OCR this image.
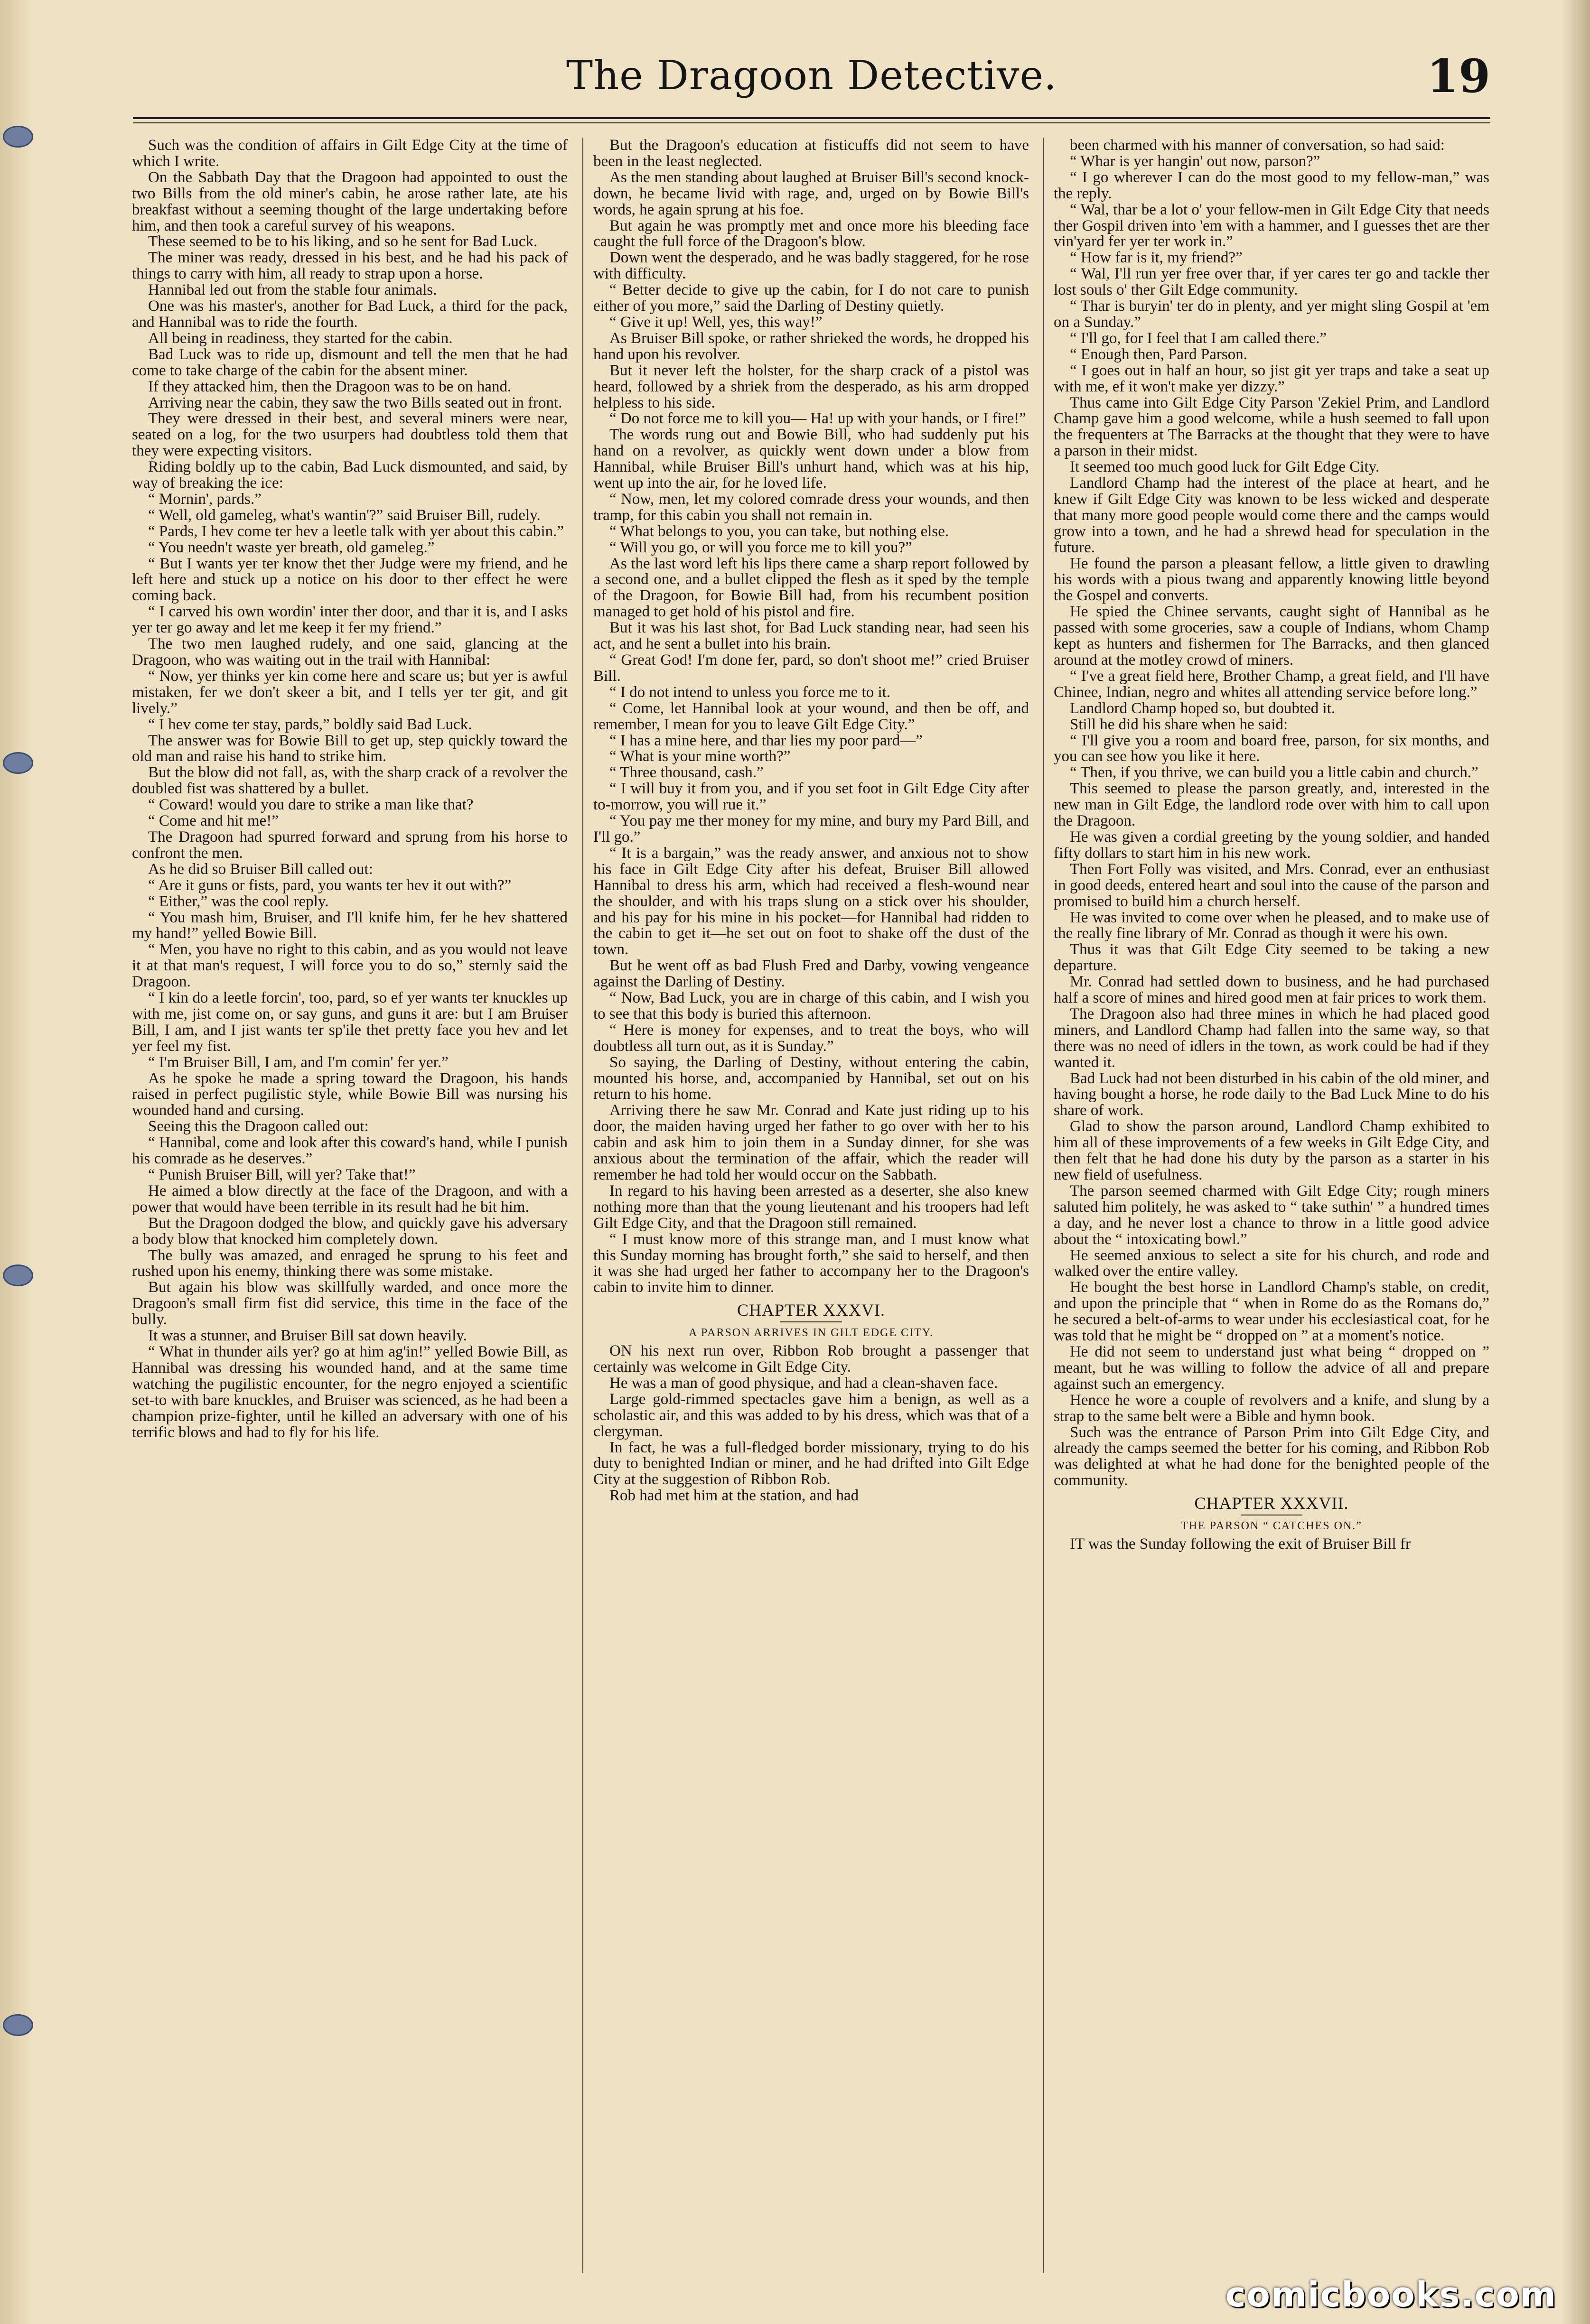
The Dragoon Detective.	19

Such was the condition of affairs in Gilt Edge City at the time of which I write.

On the Sabbath Day that the Dragoon had appointed to oust the two Bills from the old miner's cabin, he arose rather late, ate his breakfast without a seeming thought of the large undertaking before him, and then took a careful survey of his weapons.

These seemed to be to his liking, and so he sent for Bad Luck.

The miner was ready, dressed in his best, and he had his pack of things to carry with him, all ready to strap upon a horse.

Hannibal led out from the stable four animals.

One was his master's, another for Bad Luck, a third for the pack, and Hannibal was to ride the fourth.

All being in readiness, they started for the cabin.

Bad Luck was to ride up, dismount and tell the men that he had come to take charge of the cabin for the absent miner.

If they attacked him, then the Dragoon was to be on hand.

Arriving near the cabin, they saw the two Bills seated out in front.

They were dressed in their best, and several miners were near, seated on a log, for the two usurpers had doubtless told them that they were expecting visitors.

Riding boldly up to the cabin, Bad Luck dismounted, and said, by way of breaking the ice:

“ Mornin', pards.”

“ Well, old gameleg, what's wantin'?” said Bruiser Bill, rudely.

“ Pards, I hev come ter hev a leetle talk with yer about this cabin.”

“ You needn't waste yer breath, old gameleg.”

“ But I wants yer ter know thet ther Judge were my friend, and he left here and stuck up a notice on his door to ther effect he were coming back.

“ I carved his own wordin' inter ther door, and thar it is, and I asks yer ter go away and let me keep it fer my friend.”

The two men laughed rudely, and one said, glancing at the Dragoon, who was waiting out in the trail with Hannibal:

“ Now, yer thinks yer kin come here and scare us; but yer is awful mistaken, fer we don't skeer a bit, and I tells yer ter git, and git lively.”

“ I hev come ter stay, pards,” boldly said Bad Luck.

The answer was for Bowie Bill to get up, step quickly toward the old man and raise his hand to strike him.

But the blow did not fall, as, with the sharp crack of a revolver the doubled fist was shattered by a bullet.

“ Coward! would you dare to strike a man like that?

“ Come and hit me!”

The Dragoon had spurred forward and sprung from his horse to confront the men.

As he did so Bruiser Bill called out:

“ Are it guns or fists, pard, you wants ter hev it out with?”

“ Either,” was the cool reply.

“ You mash him, Bruiser, and I'll knife him, fer he hev shattered my hand!” yelled Bowie Bill.

“ Men, you have no right to this cabin, and as you would not leave it at that man's request, I will force you to do so,” sternly said the Dragoon.

“ I kin do a leetle forcin', too, pard, so ef yer wants ter knuckles up with me, jist come on, or say guns, and guns it are: but I am Bruiser Bill, I am, and I jist wants ter sp'ile thet pretty face you hev and let yer feel my fist.

“ I'm Bruiser Bill, I am, and I'm comin' fer yer.”

As he spoke he made a spring toward the Dragoon, his hands raised in perfect pugilistic style, while Bowie Bill was nursing his wounded hand and cursing.

Seeing this the Dragoon called out:

“ Hannibal, come and look after this coward's hand, while I punish his comrade as he deserves.”

“ Punish Bruiser Bill, will yer? Take that!”

He aimed a blow directly at the face of the Dragoon, and with a power that would have been terrible in its result had he bit him.

But the Dragoon dodged the blow, and quickly gave his adversary a body blow that knocked him completely down.

The bully was amazed, and enraged he sprung to his feet and rushed upon his enemy, thinking there was some mistake.

But again his blow was skillfully warded, and once more the Dragoon's small firm fist did service, this time in the face of the bully.

It was a stunner, and Bruiser Bill sat down heavily.

“ What in thunder ails yer? go at him ag'in!” yelled Bowie Bill, as Hannibal was dressing his wounded hand, and at the same time watching the pugilistic encounter, for the negro enjoyed a scientific set-to with bare knuckles, and Bruiser was scienced, as he had been a champion prize-fighter, until he killed an adversary with one of his terrific blows and had to fly for his life.

But the Dragoon's education at fisticuffs did not seem to have been in the least neglected.

As the men standing about laughed at Bruiser Bill's second knock-down, he became livid with rage, and, urged on by Bowie Bill's words, he again sprung at his foe.

But again he was promptly met and once more his bleeding face caught the full force of the Dragoon's blow.

Down went the desperado, and he was badly staggered, for he rose with difficulty.

“ Better decide to give up the cabin, for I do not care to punish either of you more,” said the Darling of Destiny quietly.

“ Give it up! Well, yes, this way!”

As Bruiser Bill spoke, or rather shrieked the words, he dropped his hand upon his revolver.

But it never left the holster, for the sharp crack of a pistol was heard, followed by a shriek from the desperado, as his arm dropped helpless to his side.

“ Do not force me to kill you— Ha! up with your hands, or I fire!”

The words rung out and Bowie Bill, who had suddenly put his hand on a revolver, as quickly went down under a blow from Hannibal, while Bruiser Bill's unhurt hand, which was at his hip, went up into the air, for he loved life.

“ Now, men, let my colored comrade dress your wounds, and then tramp, for this cabin you shall not remain in.

“ What belongs to you, you can take, but nothing else.

“ Will you go, or will you force me to kill you?”

As the last word left his lips there came a sharp report followed by a second one, and a bullet clipped the flesh as it sped by the temple of the Dragoon, for Bowie Bill had, from his recumbent position managed to get hold of his pistol and fire.

But it was his last shot, for Bad Luck standing near, had seen his act, and he sent a bullet into his brain.

“ Great God! I'm done fer, pard, so don't shoot me!” cried Bruiser Bill.

“ I do not intend to unless you force me to it.

“ Come, let Hannibal look at your wound, and then be off, and remember, I mean for you to leave Gilt Edge City.”

“ I has a mine here, and thar lies my poor pard—”

“ What is your mine worth?”

“ Three thousand, cash.”

“ I will buy it from you, and if you set foot in Gilt Edge City after to-morrow, you will rue it.”

“ You pay me ther money for my mine, and bury my Pard Bill, and I'll go.”

“ It is a bargain,” was the ready answer, and anxious not to show his face in Gilt Edge City after his defeat, Bruiser Bill allowed Hannibal to dress his arm, which had received a flesh-wound near the shoulder, and with his traps slung on a stick over his shoulder, and his pay for his mine in his pocket—for Hannibal had ridden to the cabin to get it—he set out on foot to shake off the dust of the town.

But he went off as bad Flush Fred and Darby, vowing vengeance against the Darling of Destiny.

“ Now, Bad Luck, you are in charge of this cabin, and I wish you to see that this body is buried this afternoon.

“ Here is money for expenses, and to treat the boys, who will doubtless all turn out, as it is Sunday.”

So saying, the Darling of Destiny, without entering the cabin, mounted his horse, and, accompanied by Hannibal, set out on his return to his home.

Arriving there he saw Mr. Conrad and Kate just riding up to his door, the maiden having urged her father to go over with her to his cabin and ask him to join them in a Sunday dinner, for she was anxious about the termination of the affair, which the reader will remember he had told her would occur on the Sabbath.

In regard to his having been arrested as a deserter, she also knew nothing more than that the young lieutenant and his troopers had left Gilt Edge City, and that the Dragoon still remained.

“ I must know more of this strange man, and I must know what this Sunday morning has brought forth,” she said to herself, and then it was she had urged her father to accompany her to the Dragoon's cabin to invite him to dinner.

CHAPTER XXXVI.

A PARSON ARRIVES IN GILT EDGE CITY.

ON his next run over, Ribbon Rob brought a passenger that certainly was welcome in Gilt Edge City.

He was a man of good physique, and had a clean-shaven face.

Large gold-rimmed spectacles gave him a benign, as well as a scholastic air, and this was added to by his dress, which was that of a clergyman.

In fact, he was a full-fledged border missionary, trying to do his duty to benighted Indian or miner, and he had drifted into Gilt Edge City at the suggestion of Ribbon Rob.

Rob had met him at the station, and had

been charmed with his manner of conversation, so had said:

“ Whar is yer hangin' out now, parson?”

“ I go wherever I can do the most good to my fellow-man,” was the reply.

“ Wal, thar be a lot o' your fellow-men in Gilt Edge City that needs ther Gospil driven into 'em with a hammer, and I guesses thet are ther vin'yard fer yer ter work in.”

“ How far is it, my friend?”

“ Wal, I'll run yer free over thar, if yer cares ter go and tackle ther lost souls o' ther Gilt Edge community.

“ Thar is buryin' ter do in plenty, and yer might sling Gospil at 'em on a Sunday.”

“ I'll go, for I feel that I am called there.”

“ Enough then, Pard Parson.

“ I goes out in half an hour, so jist git yer traps and take a seat up with me, ef it won't make yer dizzy.”

Thus came into Gilt Edge City Parson 'Zekiel Prim, and Landlord Champ gave him a good welcome, while a hush seemed to fall upon the frequenters at The Barracks at the thought that they were to have a parson in their midst.

It seemed too much good luck for Gilt Edge City.

Landlord Champ had the interest of the place at heart, and he knew if Gilt Edge City was known to be less wicked and desperate that many more good people would come there and the camps would grow into a town, and he had a shrewd head for speculation in the future.

He found the parson a pleasant fellow, a little given to drawling his words with a pious twang and apparently knowing little beyond the Gospel and converts.

He spied the Chinee servants, caught sight of Hannibal as he passed with some groceries, saw a couple of Indians, whom Champ kept as hunters and fishermen for The Barracks, and then glanced around at the motley crowd of miners.

“ I've a great field here, Brother Champ, a great field, and I'll have Chinee, Indian, negro and whites all attending service before long.”

Landlord Champ hoped so, but doubted it.

Still he did his share when he said:

“ I'll give you a room and board free, parson, for six months, and you can see how you like it here.

“ Then, if you thrive, we can build you a little cabin and church.”

This seemed to please the parson greatly, and, interested in the new man in Gilt Edge, the landlord rode over with him to call upon the Dragoon.

He was given a cordial greeting by the young soldier, and handed fifty dollars to start him in his new work.

Then Fort Folly was visited, and Mrs. Conrad, ever an enthusiast in good deeds, entered heart and soul into the cause of the parson and promised to build him a church herself.

He was invited to come over when he pleased, and to make use of the really fine library of Mr. Conrad as though it were his own.

Thus it was that Gilt Edge City seemed to be taking a new departure.

Mr. Conrad had settled down to business, and he had purchased half a score of mines and hired good men at fair prices to work them.

The Dragoon also had three mines in which he had placed good miners, and Landlord Champ had fallen into the same way, so that there was no need of idlers in the town, as work could be had if they wanted it.

Bad Luck had not been disturbed in his cabin of the old miner, and having bought a horse, he rode daily to the Bad Luck Mine to do his share of work.

Glad to show the parson around, Landlord Champ exhibited to him all of these improvements of a few weeks in Gilt Edge City, and then felt that he had done his duty by the parson as a starter in his new field of usefulness.

The parson seemed charmed with Gilt Edge City; rough miners saluted him politely, he was asked to “ take suthin' ” a hundred times a day, and he never lost a chance to throw in a little good advice about the “ intoxicating bowl.”

He seemed anxious to select a site for his church, and rode and walked over the entire valley.

He bought the best horse in Landlord Champ's stable, on credit, and upon the principle that “ when in Rome do as the Romans do,” he secured a belt-of-arms to wear under his ecclesiastical coat, for he was told that he might be “ dropped on ” at a moment's notice.

He did not seem to understand just what being “ dropped on ” meant, but he was willing to follow the advice of all and prepare against such an emergency.

Hence he wore a couple of revolvers and a knife, and slung by a strap to the same belt were a Bible and hymn book.

Such was the entrance of Parson Prim into Gilt Edge City, and already the camps seemed the better for his coming, and Ribbon Rob was delighted at what he had done for the benighted people of the community.

CHAPTER XXXVII.

THE PARSON “ CATCHES ON.”

IT was the Sunday following the exit of Bruiser Bill fr

comicbooks.com
